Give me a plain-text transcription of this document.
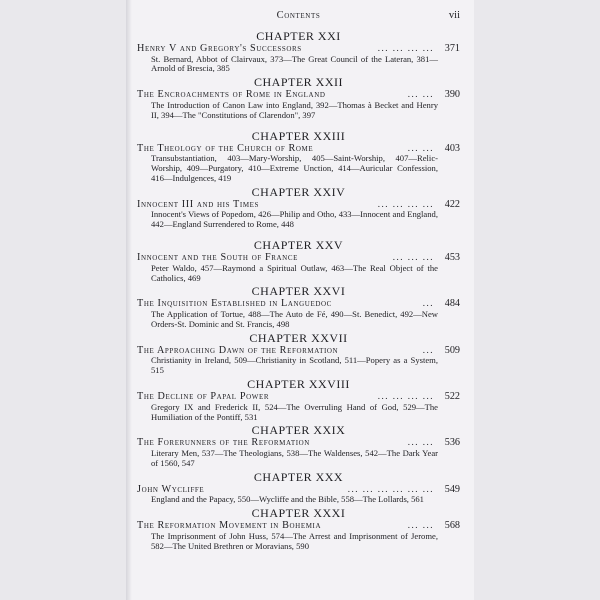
Contents	vii
CHAPTER XXI
Henry V and Gregory's Successors	... ... ... ...	371
St. Bernard, Abbot of Clairvaux, 373—The Great Council of the Lateran, 381—Arnold of Brescia, 385
CHAPTER XXII
The Encroachments of Rome in England	... ...	390
The Introduction of Canon Law into England, 392—Thomas à Becket and Henry II, 394—The "Constitutions of Clarendon", 397
CHAPTER XXIII
The Theology of the Church of Rome	... ...	403
Transubstantiation, 403—Mary-Worship, 405—Saint-Worship, 407—Relic-Worship, 409—Purgatory, 410—Extreme Unction, 414—Auricular Confession, 416—Indulgences, 419
CHAPTER XXIV
Innocent III and his Times	... ... ... ...	422
Innocent's Views of Popedom, 426—Philip and Otho, 433—Innocent and England, 442—England Surrendered to Rome, 448
CHAPTER XXV
Innocent and the South of France	... ... ...	453
Peter Waldo, 457—Raymond a Spiritual Outlaw, 463—The Real Object of the Catholics, 469
CHAPTER XXVI
The Inquisition Established in Languedoc	...	484
The Application of Tortue, 488—The Auto de Fé, 490—St. Benedict, 492—New Orders-St. Dominic and St. Francis, 498
CHAPTER XXVII
The Approaching Dawn of the Reformation	...	509
Christianity in Ireland, 509—Christianity in Scotland, 511—Popery as a System, 515
CHAPTER XXVIII
The Decline of Papal Power	... ... ... ...	522
Gregory IX and Frederick II, 524—The Overruling Hand of God, 529—The Humiliation of the Pontiff, 531
CHAPTER XXIX
The Forerunners of the Reformation	... ...	536
Literary Men, 537—The Theologians, 538—The Waldenses, 542—The Dark Year of 1560, 547
CHAPTER XXX
John Wycliffe	... ... ... ... ... ...	549
England and the Papacy, 550—Wycliffe and the Bible, 558—The Lollards, 561
CHAPTER XXXI
The Reformation Movement in Bohemia	... ...	568
The Imprisonment of John Huss, 574—The Arrest and Imprisonment of Jerome, 582—The United Brethren or Moravians, 590
